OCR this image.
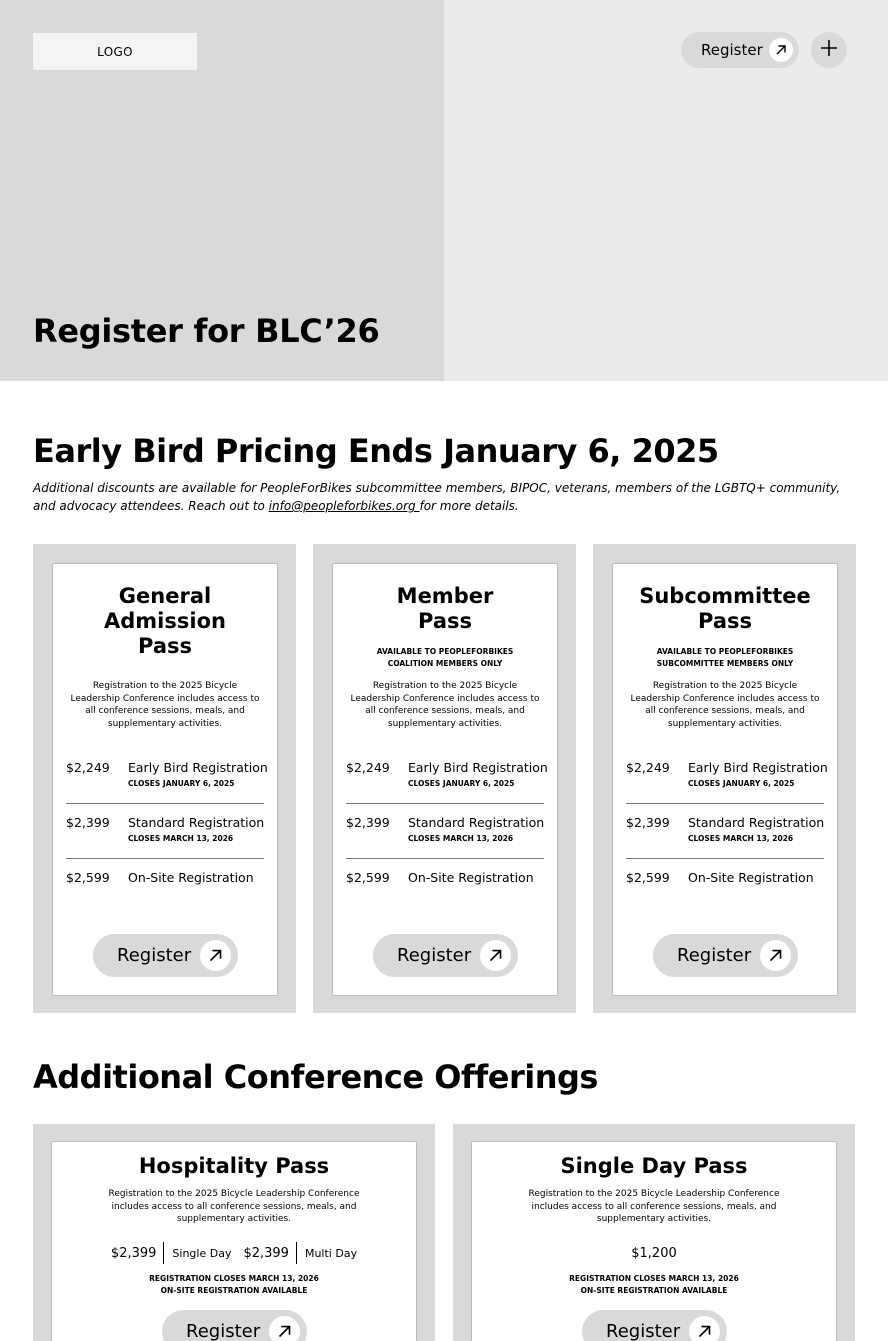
LOGO
Register for BLC’26
Register
Early Bird Pricing Ends January 6, 2025

Additional discounts are available for PeopleForBikes subcommittee members, BIPOC, veterans, members of the LGBTQ+ community, and advocacy attendees. Reach out to info@peopleforbikes.org for more details.

General
Admission
Pass
Registration to the 2025 Bicycle Leadership Conference includes access to all conference sessions, meals, and supplementary activities.
$2,249 Early Bird Registration
CLOSES JANUARY 6, 2025
$2,399 Standard Registration
CLOSES MARCH 13, 2026
$2,599 On-Site Registration
Register
Member
Pass
AVAILABLE TO PEOPLEFORBIKES
COALITION MEMBERS ONLY
Registration to the 2025 Bicycle Leadership Conference includes access to all conference sessions, meals, and supplementary activities.
$2,249 Early Bird Registration
CLOSES JANUARY 6, 2025
$2,399 Standard Registration
CLOSES MARCH 13, 2026
$2,599 On-Site Registration
Register
Subcommittee
Pass
AVAILABLE TO PEOPLEFORBIKES
SUBCOMMITTEE MEMBERS ONLY
Registration to the 2025 Bicycle Leadership Conference includes access to all conference sessions, meals, and supplementary activities.
$2,249 Early Bird Registration
CLOSES JANUARY 6, 2025
$2,399 Standard Registration
CLOSES MARCH 13, 2026
$2,599 On-Site Registration
Register
Additional Conference Offerings
Hospitality Pass
Registration to the 2025 Bicycle Leadership Conference includes access to all conference sessions, meals, and supplementary activities.
$2,399 Single Day $2,399 Multi Day
REGISTRATION CLOSES MARCH 13, 2026
ON-SITE REGISTRATION AVAILABLE
Register
Single Day Pass
Registration to the 2025 Bicycle Leadership Conference includes access to all conference sessions, meals, and supplementary activities.
$1,200
REGISTRATION CLOSES MARCH 13, 2026
ON-SITE REGISTRATION AVAILABLE
Register
